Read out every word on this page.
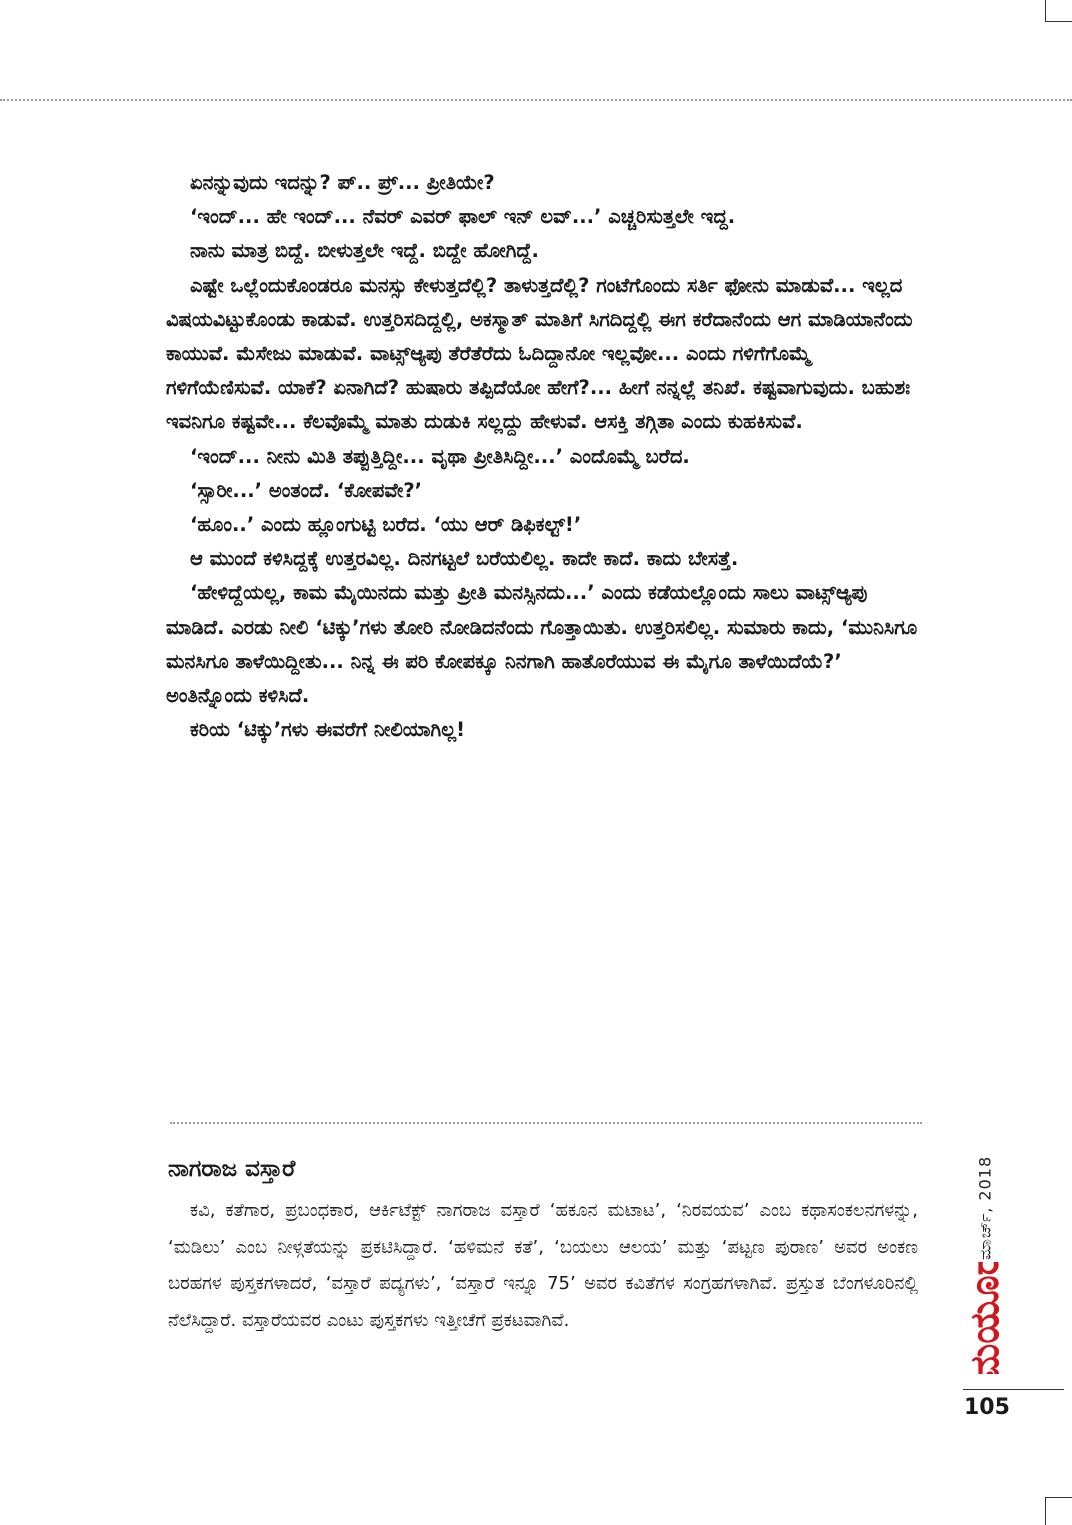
ಏನನ್ನುವುದು ಇದನ್ನು? ಪ್.. ಪ್ರ್... ಪ್ರೀತಿಯೇ?

‘ಇಂದ್... ಹೇ ಇಂದ್... ನೆವರ್ ಎವರ್ ಫಾಲ್ ಇನ್ ಲವ್...’ ಎಚ್ಚರಿಸುತ್ತಲೇ ಇದ್ದ.

ನಾನು ಮಾತ್ರ ಬಿದ್ದೆ. ಬೀಳುತ್ತಲೇ ಇದ್ದೆ. ಬಿದ್ದೇ ಹೋಗಿದ್ದೆ.

ಎಷ್ಟೇ ಒಲ್ಲೆಂದುಕೊಂಡರೂ ಮನಸ್ಸು ಕೇಳುತ್ತದೆಲ್ಲಿ? ತಾಳುತ್ತದೆಲ್ಲಿ? ಗಂಟೆಗೊಂದು ಸರ್ತಿ ಫೋನು ಮಾಡುವೆ... ಇಲ್ಲದ ವಿಷಯವಿಟ್ಟುಕೊಂಡು ಕಾಡುವೆ. ಉತ್ತರಿಸದಿದ್ದಲ್ಲಿ, ಅಕಸ್ಮಾತ್ ಮಾತಿಗೆ ಸಿಗದಿದ್ದಲ್ಲಿ ಈಗ ಕರೆದಾನೆಂದು ಆಗ ಮಾಡಿಯಾನೆಂದು ಕಾಯುವೆ. ಮೆಸೇಜು ಮಾಡುವೆ. ವಾಟ್ಸ್‌ಆ್ಯಪು ತೆರೆತೆರೆದು ಓದಿದ್ದಾನೋ ಇಲ್ಲವೋ... ಎಂದು ಗಳಿಗೆಗೊಮ್ಮೆ ಗಳಿಗೆಯೆಣಿಸುವೆ. ಯಾಕೆ? ಏನಾಗಿದೆ? ಹುಷಾರು ತಪ್ಪಿದೆಯೋ ಹೇಗೆ?... ಹೀಗೆ ನನ್ನಲ್ಲೆ ತನಿಖೆ. ಕಷ್ಟವಾಗುವುದು. ಬಹುಶಃ ಇವನಿಗೂ ಕಷ್ಟವೇ... ಕೆಲವೊಮ್ಮೆ ಮಾತು ದುಡುಕಿ ಸಲ್ಲದ್ದು ಹೇಳುವೆ. ಆಸಕ್ತಿ ತಗ್ಗಿತಾ ಎಂದು ಕುಹಕಿಸುವೆ.

‘ಇಂದ್... ನೀನು ಮಿತಿ ತಪ್ಪುತ್ತಿದ್ದೀ... ವೃಥಾ ಪ್ರೀತಿಸಿದ್ದೀ...’ ಎಂದೊಮ್ಮೆ ಬರೆದ.

‘ಸ್ಸಾರೀ...’ ಅಂತಂದೆ. ‘ಕೋಪವೇ?’

‘ಹೂಂ..’ ಎಂದು ಹ್ಲೂಂಗುಟ್ಟಿ ಬರೆದ. ‘ಯು ಆರ್ ಡಿಫಿಕಲ್ಟ್!’

ಆ ಮುಂದೆ ಕಳಿಸಿದ್ದಕ್ಕೆ ಉತ್ತರವಿಲ್ಲ. ದಿನಗಟ್ಟಲೆ ಬರೆಯಲಿಲ್ಲ. ಕಾದೇ ಕಾದೆ. ಕಾದು ಬೇಸತ್ತೆ.

‘ಹೇಳಿದ್ದೆಯಲ್ಲ, ಕಾಮ ಮೈಯಿನದು ಮತ್ತು ಪ್ರೀತಿ ಮನಸ್ಸಿನದು...’ ಎಂದು ಕಡೆಯಲ್ಲೊಂದು ಸಾಲು ವಾಟ್ಸ್‌ಆ್ಯಪು ಮಾಡಿದೆ. ಎರಡು ನೀಲಿ ‘ಟಿಕ್ಕು’ಗಳು ತೋರಿ ನೋಡಿದನೆಂದು ಗೊತ್ತಾಯಿತು. ಉತ್ತರಿಸಲಿಲ್ಲ. ಸುಮಾರು ಕಾದು, ‘ಮುನಿಸಿಗೂ ಮನಸಿಗೂ ತಾಳೆಯಿದ್ದೀತು... ನಿನ್ನ ಈ ಪರಿ ಕೋಪಕ್ಕೂ ನಿನಗಾಗಿ ಹಾತೊರೆಯುವ ಈ ಮೈಗೂ ತಾಳೆಯಿದೆಯೆ?’ ಅಂತಿನ್ನೊಂದು ಕಳಿಸಿದೆ.

ಕರಿಯ ‘ಟಿಕ್ಕು’ಗಳು ಈವರೆಗೆ ನೀಲಿಯಾಗಿಲ್ಲ!

ನಾಗರಾಜ ವಸ್ತಾರೆ

ಕವಿ, ಕತೆಗಾರ, ಪ್ರಬಂಧಕಾರ, ಆರ್ಕಿಟೆಕ್ಟ್ ನಾಗರಾಜ ವಸ್ತಾರೆ ‘ಹಕೂನ ಮಟಾಟ’, ‘ನಿರವಯವ’ ಎಂಬ ಕಥಾಸಂಕಲನಗಳನ್ನು, ‘ಮಡಿಲು’ ಎಂಬ ನೀಳ್ಗತೆಯನ್ನು ಪ್ರಕಟಿಸಿದ್ದಾರೆ. ‘ಹಳಿಮನೆ ಕತೆ’, ‘ಬಯಲು ಆಲಯ’ ಮತ್ತು ‘ಪಟ್ಟಣ ಪುರಾಣ’ ಅವರ ಅಂಕಣ ಬರಹಗಳ ಪುಸ್ತಕಗಳಾದರೆ, ‘ವಸ್ತಾರೆ ಪದ್ಯಗಳು’, ‘ವಸ್ತಾರೆ ಇನ್ನೂ 75’ ಅವರ ಕವಿತೆಗಳ ಸಂಗ್ರಹಗಳಾಗಿವೆ. ಪ್ರಸ್ತುತ ಬೆಂಗಳೂರಿನಲ್ಲಿ ನೆಲೆಸಿದ್ದಾರೆ. ವಸ್ತಾರೆಯವರ ಎಂಟು ಪುಸ್ತಕಗಳು ಇತ್ತೀಚೆಗೆ ಪ್ರಕಟವಾಗಿವೆ.

ಮಾರ್ಚ್, 2018
ಮಯೂರ
105
